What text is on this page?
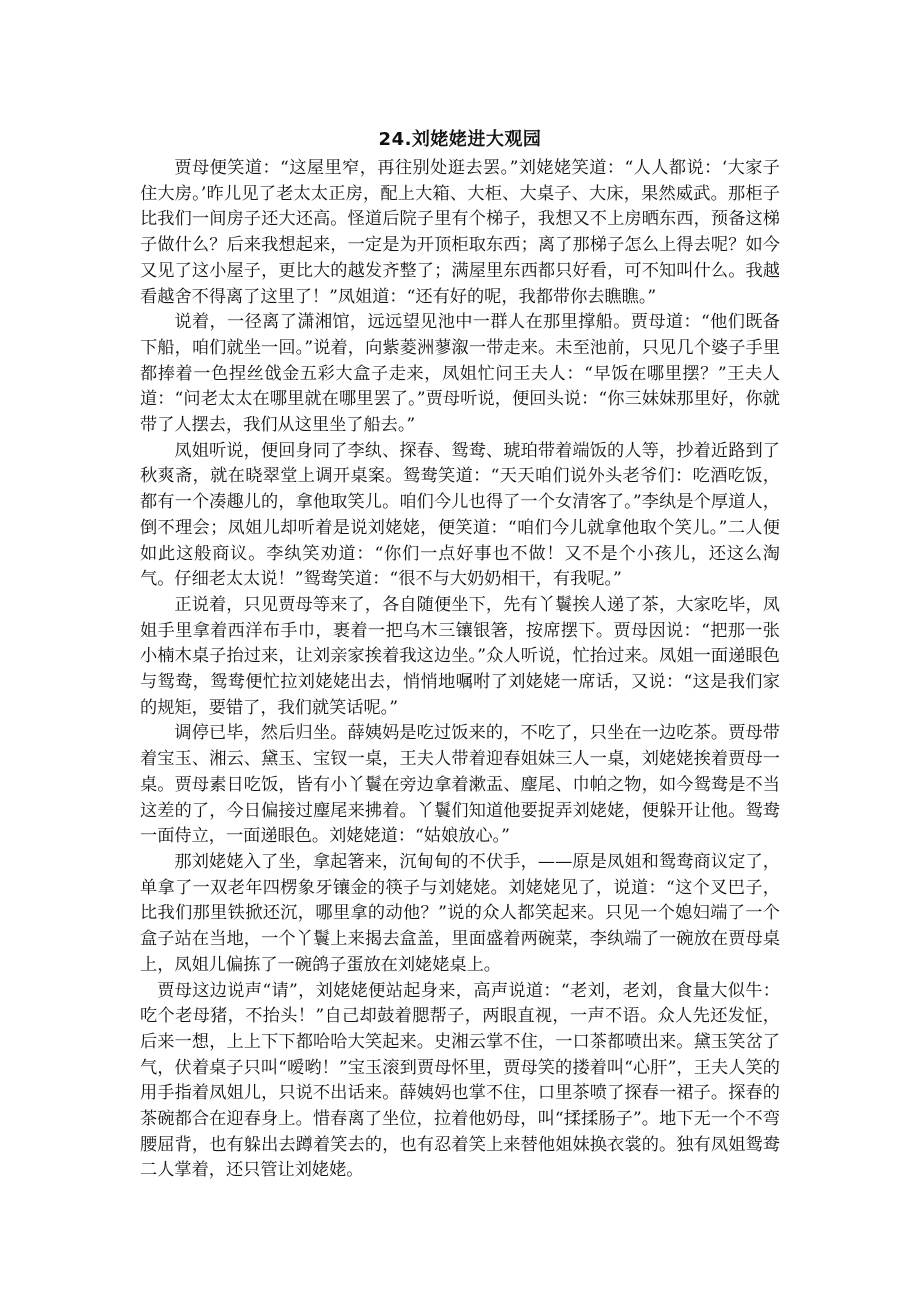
24.刘姥姥进大观园

贾母便笑道：“这屋里窄，再往别处逛去罢。”刘姥姥笑道：“人人都说：‘大家子住大房。’昨儿见了老太太正房，配上大箱、大柜、大桌子、大床，果然威武。那柜子比我们一间房子还大还高。怪道后院子里有个梯子，我想又不上房晒东西，预备这梯子做什么？后来我想起来，一定是为开顶柜取东西；离了那梯子怎么上得去呢？如今又见了这小屋子，更比大的越发齐整了；满屋里东西都只好看，可不知叫什么。我越看越舍不得离了这里了！”凤姐道：“还有好的呢，我都带你去瞧瞧。”

说着，一径离了潇湘馆，远远望见池中一群人在那里撑船。贾母道：“他们既备下船，咱们就坐一回。”说着，向紫菱洲蓼溆一带走来。未至池前，只见几个婆子手里都捧着一色捏丝戗金五彩大盒子走来，凤姐忙问王夫人：“早饭在哪里摆？”王夫人道：“问老太太在哪里就在哪里罢了。”贾母听说，便回头说：“你三妹妹那里好，你就带了人摆去，我们从这里坐了船去。”

凤姐听说，便回身同了李纨、探春、鸳鸯、琥珀带着端饭的人等，抄着近路到了秋爽斋，就在晓翠堂上调开桌案。鸳鸯笑道：“天天咱们说外头老爷们：吃酒吃饭，都有一个凑趣儿的，拿他取笑儿。咱们今儿也得了一个女清客了。”李纨是个厚道人，倒不理会；凤姐儿却听着是说刘姥姥，便笑道：“咱们今儿就拿他取个笑儿。”二人便如此这般商议。李纨笑劝道：“你们一点好事也不做！又不是个小孩儿，还这么淘气。仔细老太太说！”鸳鸯笑道：“很不与大奶奶相干，有我呢。”

正说着，只见贾母等来了，各自随便坐下，先有丫鬟挨人递了茶，大家吃毕，凤姐手里拿着西洋布手巾，裹着一把乌木三镶银箸，按席摆下。贾母因说：“把那一张小楠木桌子抬过来，让刘亲家挨着我这边坐。”众人听说，忙抬过来。凤姐一面递眼色与鸳鸯，鸳鸯便忙拉刘姥姥出去，悄悄地嘱咐了刘姥姥一席话，又说：“这是我们家的规矩，要错了，我们就笑话呢。”

调停已毕，然后归坐。薛姨妈是吃过饭来的，不吃了，只坐在一边吃茶。贾母带着宝玉、湘云、黛玉、宝钗一桌，王夫人带着迎春姐妹三人一桌，刘姥姥挨着贾母一桌。贾母素日吃饭，皆有小丫鬟在旁边拿着漱盂、麈尾、巾帕之物，如今鸳鸯是不当这差的了，今日偏接过麈尾来拂着。丫鬟们知道他要捉弄刘姥姥，便躲开让他。鸳鸯一面侍立，一面递眼色。刘姥姥道：“姑娘放心。”

那刘姥姥入了坐，拿起箸来，沉甸甸的不伏手，——原是凤姐和鸳鸯商议定了，单拿了一双老年四楞象牙镶金的筷子与刘姥姥。刘姥姥见了，说道：“这个叉巴子，比我们那里铁掀还沉，哪里拿的动他？”说的众人都笑起来。只见一个媳妇端了一个盒子站在当地，一个丫鬟上来揭去盒盖，里面盛着两碗菜，李纨端了一碗放在贾母桌上，凤姐儿偏拣了一碗鸽子蛋放在刘姥姥桌上。

贾母这边说声“请”，刘姥姥便站起身来，高声说道：“老刘，老刘，食量大似牛：吃个老母猪，不抬头！”自己却鼓着腮帮子，两眼直视，一声不语。众人先还发怔，后来一想，上上下下都哈哈大笑起来。史湘云掌不住，一口茶都喷出来。黛玉笑岔了气，伏着桌子只叫“嗳哟！”宝玉滚到贾母怀里，贾母笑的搂着叫“心肝”，王夫人笑的用手指着凤姐儿，只说不出话来。薛姨妈也掌不住，口里茶喷了探春一裙子。探春的茶碗都合在迎春身上。惜春离了坐位，拉着他奶母，叫“揉揉肠子”。地下无一个不弯腰屈背，也有躲出去蹲着笑去的，也有忍着笑上来替他姐妹换衣裳的。独有凤姐鸳鸯二人掌着，还只管让刘姥姥。
